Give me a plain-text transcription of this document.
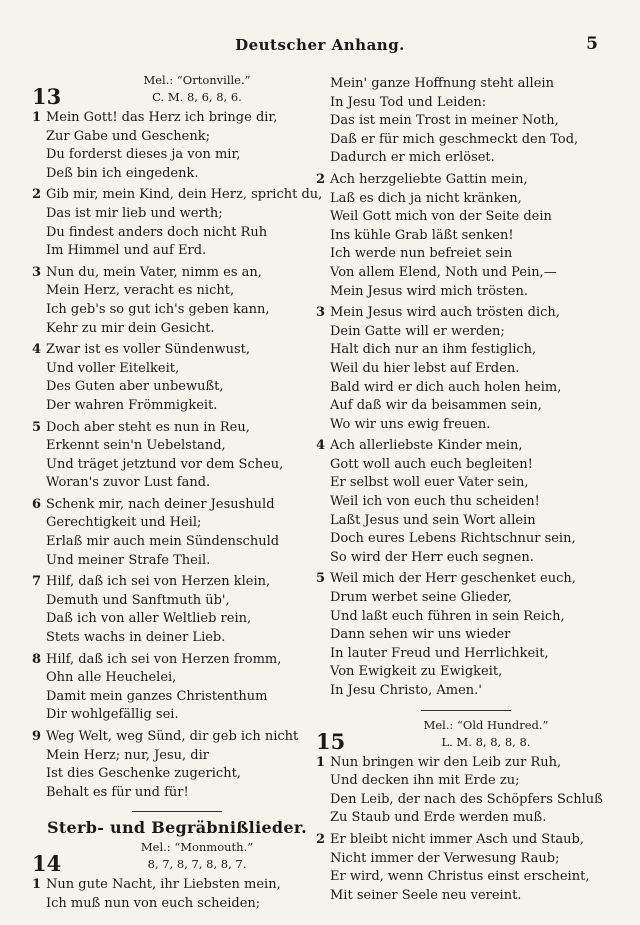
Deutscher Anhang.	5
13
Mel.: “Ortonville.”
C. M. 8, 6, 8, 6.
1 Mein Gott! das Herz ich bringe dir,
Zur Gabe und Geschenk;
Du forderst dieses ja von mir,
Deß bin ich eingedenk.
2 Gib mir, mein Kind, dein Herz, spricht du,
Das ist mir lieb und werth;
Du findest anders doch nicht Ruh
Im Himmel und auf Erd.
3 Nun du, mein Vater, nimm es an,
Mein Herz, veracht es nicht,
Ich geb's so gut ich's geben kann,
Kehr zu mir dein Gesicht.
4 Zwar ist es voller Sündenwust,
Und voller Eitelkeit,
Des Guten aber unbewußt,
Der wahren Frömmigkeit.
5 Doch aber steht es nun in Reu,
Erkennt sein'n Uebelstand,
Und träget jetztund vor dem Scheu,
Woran's zuvor Lust fand.
6 Schenk mir, nach deiner Jesushuld
Gerechtigkeit und Heil;
Erlaß mir auch mein Sündenschuld
Und meiner Strafe Theil.
7 Hilf, daß ich sei von Herzen klein,
Demuth und Sanftmuth üb',
Daß ich von aller Weltlieb rein,
Stets wachs in deiner Lieb.
8 Hilf, daß ich sei von Herzen fromm,
Ohn alle Heuchelei,
Damit mein ganzes Christenthum
Dir wohlgefällig sei.
9 Weg Welt, weg Sünd, dir geb ich nicht
Mein Herz; nur, Jesu, dir
Ist dies Geschenke zugericht,
Behalt es für und für!
Sterb- und Begräbnißlieder.
14
Mel.: “Monmouth.”
8, 7, 8, 7, 8, 8, 7.
1 Nun gute Nacht, ihr Liebsten mein,
Ich muß nun von euch scheiden;
Mein' ganze Hoffnung steht allein
In Jesu Tod und Leiden:
Das ist mein Trost in meiner Noth,
Daß er für mich geschmeckt den Tod,
Dadurch er mich erlöset.
2 Ach herzgeliebte Gattin mein,
Laß es dich ja nicht kränken,
Weil Gott mich von der Seite dein
Ins kühle Grab läßt senken!
Ich werde nun befreiet sein
Von allem Elend, Noth und Pein,—
Mein Jesus wird mich trösten.
3 Mein Jesus wird auch trösten dich,
Dein Gatte will er werden;
Halt dich nur an ihm festiglich,
Weil du hier lebst auf Erden.
Bald wird er dich auch holen heim,
Auf daß wir da beisammen sein,
Wo wir uns ewig freuen.
4 Ach allerliebste Kinder mein,
Gott woll auch euch begleiten!
Er selbst woll euer Vater sein,
Weil ich von euch thu scheiden!
Laßt Jesus und sein Wort allein
Doch eures Lebens Richtschnur sein,
So wird der Herr euch segnen.
5 Weil mich der Herr geschenket euch,
Drum werbet seine Glieder,
Und laßt euch führen in sein Reich,
Dann sehen wir uns wieder
In lauter Freud und Herrlichkeit,
Von Ewigkeit zu Ewigkeit,
In Jesu Christo, Amen.'
15
Mel.: “Old Hundred.”
L. M. 8, 8, 8, 8.
1 Nun bringen wir den Leib zur Ruh,
Und decken ihn mit Erde zu;
Den Leib, der nach des Schöpfers Schluß
Zu Staub und Erde werden muß.
2 Er bleibt nicht immer Asch und Staub,
Nicht immer der Verwesung Raub;
Er wird, wenn Christus einst erscheint,
Mit seiner Seele neu vereint.
